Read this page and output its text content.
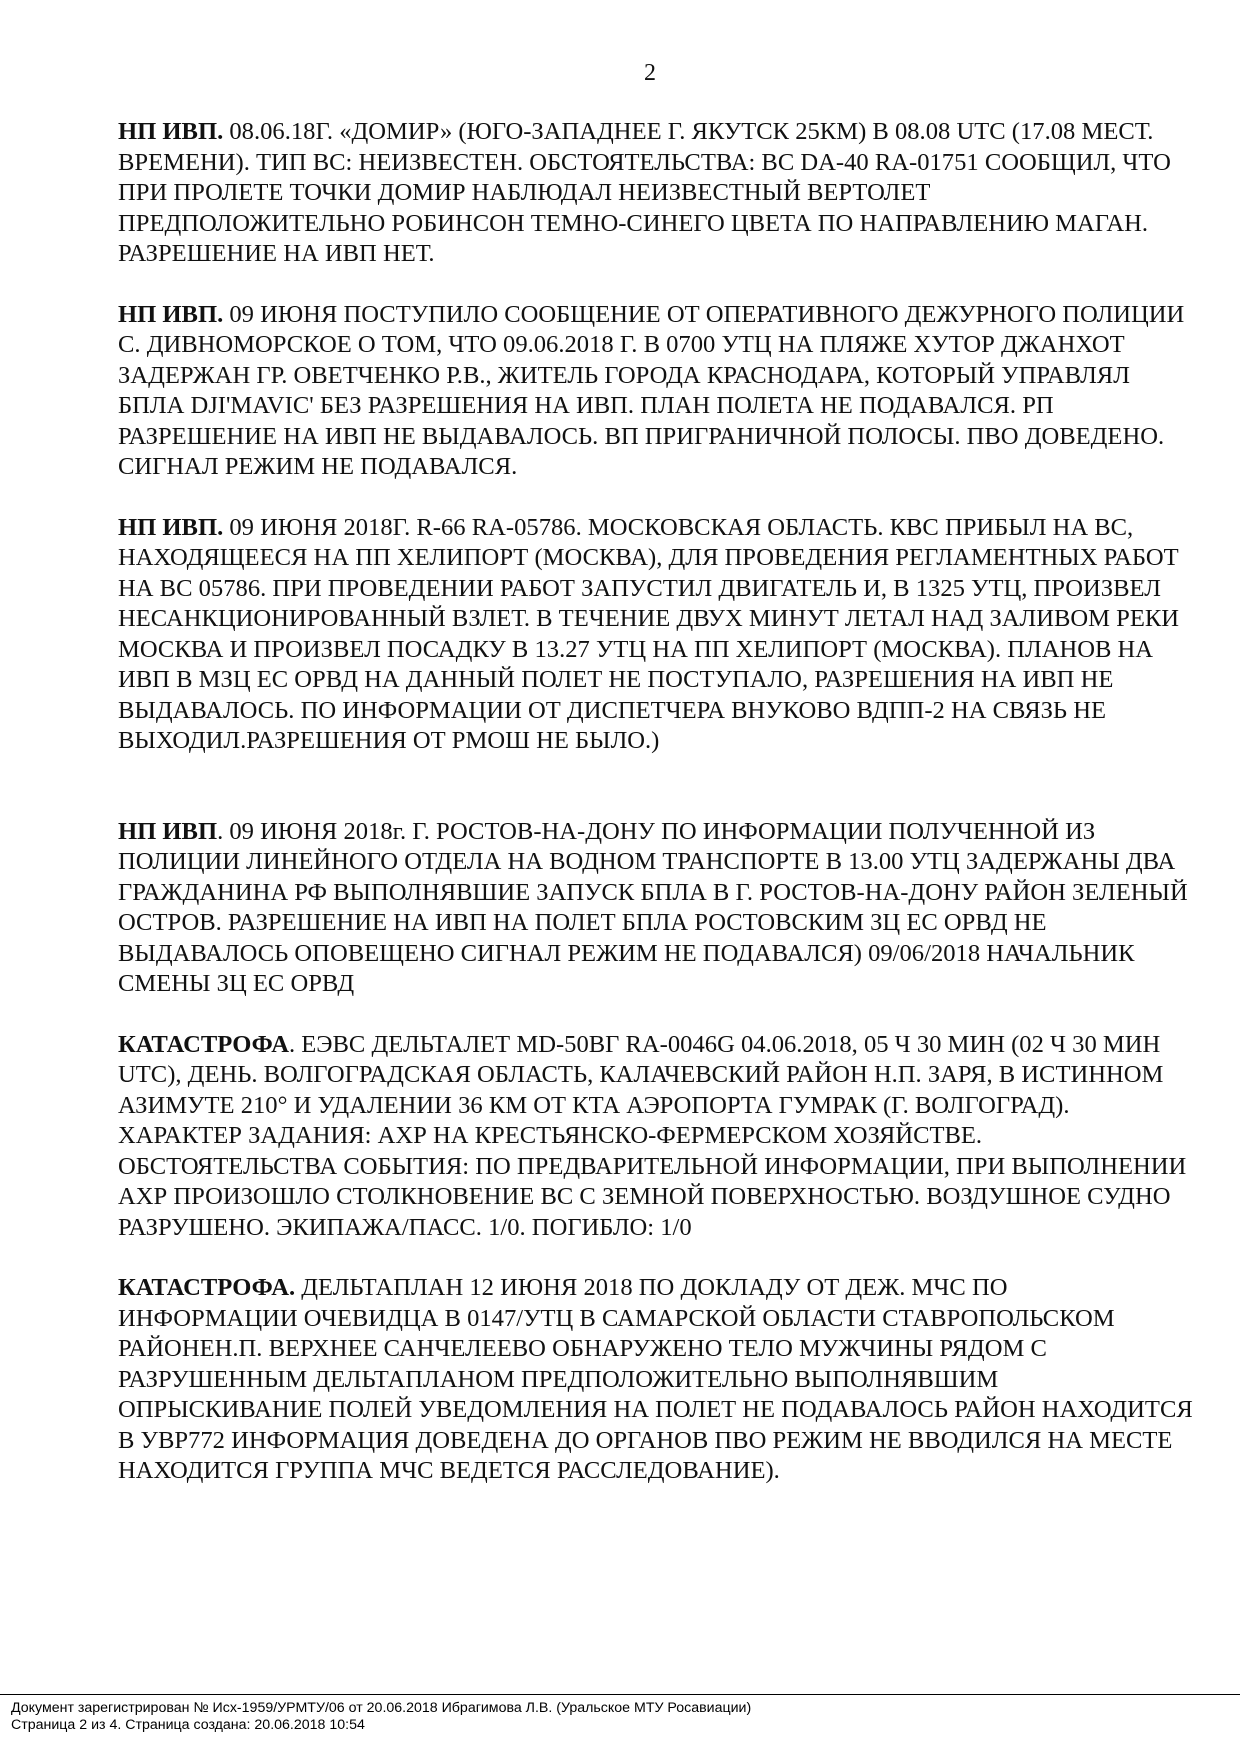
2

НП ИВП. 08.06.18Г. «ДОМИР» (ЮГО-ЗАПАДНЕЕ Г. ЯКУТСК 25КМ) В 08.08 UTC (17.08 МЕСТ. ВРЕМЕНИ). ТИП ВС: НЕИЗВЕСТЕН. ОБСТОЯТЕЛЬСТВА: ВС DA-40 RA-01751 СООБЩИЛ, ЧТО ПРИ ПРОЛЕТЕ ТОЧКИ ДОМИР НАБЛЮДАЛ НЕИЗВЕСТНЫЙ ВЕРТОЛЕТ ПРЕДПОЛОЖИТЕЛЬНО РОБИНСОН ТЕМНО-СИНЕГО ЦВЕТА ПО НАПРАВЛЕНИЮ МАГАН. РАЗРЕШЕНИЕ НА ИВП НЕТ.

НП ИВП. 09 ИЮНЯ ПОСТУПИЛО СООБЩЕНИЕ ОТ ОПЕРАТИВНОГО ДЕЖУРНОГО ПОЛИЦИИ С. ДИВНОМОРСКОЕ О ТОМ, ЧТО 09.06.2018 Г. В 0700 УТЦ НА ПЛЯЖЕ ХУТОР ДЖАНХОТ ЗАДЕРЖАН ГР. ОВЕТЧЕНКО Р.В., ЖИТЕЛЬ ГОРОДА КРАСНОДАРА, КОТОРЫЙ УПРАВЛЯЛ БПЛА DJI'MAVIC' БЕЗ РАЗРЕШЕНИЯ НА ИВП. ПЛАН ПОЛЕТА НЕ ПОДАВАЛСЯ. РП РАЗРЕШЕНИЕ НА ИВП НЕ ВЫДАВАЛОСЬ. ВП ПРИГРАНИЧНОЙ ПОЛОСЫ. ПВО ДОВЕДЕНО. СИГНАЛ РЕЖИМ НЕ ПОДАВАЛСЯ.

НП ИВП. 09 ИЮНЯ 2018Г. R-66 RA-05786. МОСКОВСКАЯ ОБЛАСТЬ. КВС ПРИБЫЛ НА ВС, НАХОДЯЩЕЕСЯ НА ПП ХЕЛИПОРТ (МОСКВА), ДЛЯ ПРОВЕДЕНИЯ РЕГЛАМЕНТНЫХ РАБОТ НА ВС 05786. ПРИ ПРОВЕДЕНИИ РАБОТ ЗАПУСТИЛ ДВИГАТЕЛЬ И, В 1325 УТЦ, ПРОИЗВЕЛ НЕСАНКЦИОНИРОВАННЫЙ ВЗЛЕТ. В ТЕЧЕНИЕ ДВУХ МИНУТ ЛЕТАЛ НАД ЗАЛИВОМ РЕКИ МОСКВА И ПРОИЗВЕЛ ПОСАДКУ В 13.27 УТЦ НА ПП ХЕЛИПОРТ (МОСКВА). ПЛАНОВ НА ИВП В МЗЦ ЕС ОРВД НА ДАННЫЙ ПОЛЕТ НЕ ПОСТУПАЛО, РАЗРЕШЕНИЯ НА ИВП НЕ ВЫДАВАЛОСЬ. ПО ИНФОРМАЦИИ ОТ ДИСПЕТЧЕРА ВНУКОВО ВДПП-2 НА СВЯЗЬ НЕ ВЫХОДИЛ.РАЗРЕШЕНИЯ ОТ РМОШ НЕ БЫЛО.)

НП ИВП. 09 ИЮНЯ 2018г. Г. РОСТОВ-НА-ДОНУ ПО ИНФОРМАЦИИ ПОЛУЧЕННОЙ ИЗ ПОЛИЦИИ ЛИНЕЙНОГО ОТДЕЛА НА ВОДНОМ ТРАНСПОРТЕ В 13.00 УТЦ ЗАДЕРЖАНЫ ДВА ГРАЖДАНИНА РФ ВЫПОЛНЯВШИЕ ЗАПУСК БПЛА В Г. РОСТОВ-НА-ДОНУ РАЙОН ЗЕЛЕНЫЙ ОСТРОВ. РАЗРЕШЕНИЕ НА ИВП НА ПОЛЕТ БПЛА РОСТОВСКИМ ЗЦ ЕС ОРВД НЕ ВЫДАВАЛОСЬ ОПОВЕЩЕНО СИГНАЛ РЕЖИМ НЕ ПОДАВАЛСЯ) 09/06/2018 НАЧАЛЬНИК СМЕНЫ ЗЦ ЕС ОРВД

КАТАСТРОФА. ЕЭВС ДЕЛЬТАЛЕТ MD-50ВГ RA-0046G 04.06.2018, 05 Ч 30 МИН (02 Ч 30 МИН UTC), ДЕНЬ. ВОЛГОГРАДСКАЯ ОБЛАСТЬ, КАЛАЧЕВСКИЙ РАЙОН Н.П. ЗАРЯ, В ИСТИННОМ АЗИМУТЕ 210° И УДАЛЕНИИ 36 КМ ОТ КТА АЭРОПОРТА ГУМРАК (Г. ВОЛГОГРАД). ХАРАКТЕР ЗАДАНИЯ: АХР НА КРЕСТЬЯНСКО-ФЕРМЕРСКОМ ХОЗЯЙСТВЕ.

ОБСТОЯТЕЛЬСТВА СОБЫТИЯ: ПО ПРЕДВАРИТЕЛЬНОЙ ИНФОРМАЦИИ, ПРИ ВЫПОЛНЕНИИ АХР ПРОИЗОШЛО СТОЛКНОВЕНИЕ ВС С ЗЕМНОЙ ПОВЕРХНОСТЬЮ. ВОЗДУШНОЕ СУДНО РАЗРУШЕНО. ЭКИПАЖА/ПАСС. 1/0. ПОГИБЛО: 1/0

КАТАСТРОФА. ДЕЛЬТАПЛАН 12 ИЮНЯ 2018 ПО ДОКЛАДУ ОТ ДЕЖ. МЧС ПО ИНФОРМАЦИИ ОЧЕВИДЦА В 0147/УТЦ В САМАРСКОЙ ОБЛАСТИ СТАВРОПОЛЬСКОМ РАЙОНЕН.П. ВЕРХНЕЕ САНЧЕЛЕЕВО ОБНАРУЖЕНО ТЕЛО МУЖЧИНЫ РЯДОМ С РАЗРУШЕННЫМ ДЕЛЬТАПЛАНОМ ПРЕДПОЛОЖИТЕЛЬНО ВЫПОЛНЯВШИМ ОПРЫСКИВАНИЕ ПОЛЕЙ УВЕДОМЛЕНИЯ НА ПОЛЕТ НЕ ПОДАВАЛОСЬ РАЙОН НАХОДИТСЯ В УВР772 ИНФОРМАЦИЯ ДОВЕДЕНА ДО ОРГАНОВ ПВО РЕЖИМ НЕ ВВОДИЛСЯ НА МЕСТЕ НАХОДИТСЯ ГРУППА МЧС ВЕДЕТСЯ РАССЛЕДОВАНИЕ).

Документ зарегистрирован № Исх-1959/УРМТУ/06 от 20.06.2018 Ибрагимова Л.В. (Уральское МТУ Росавиации)
Страница 2 из 4. Страница создана: 20.06.2018 10:54
